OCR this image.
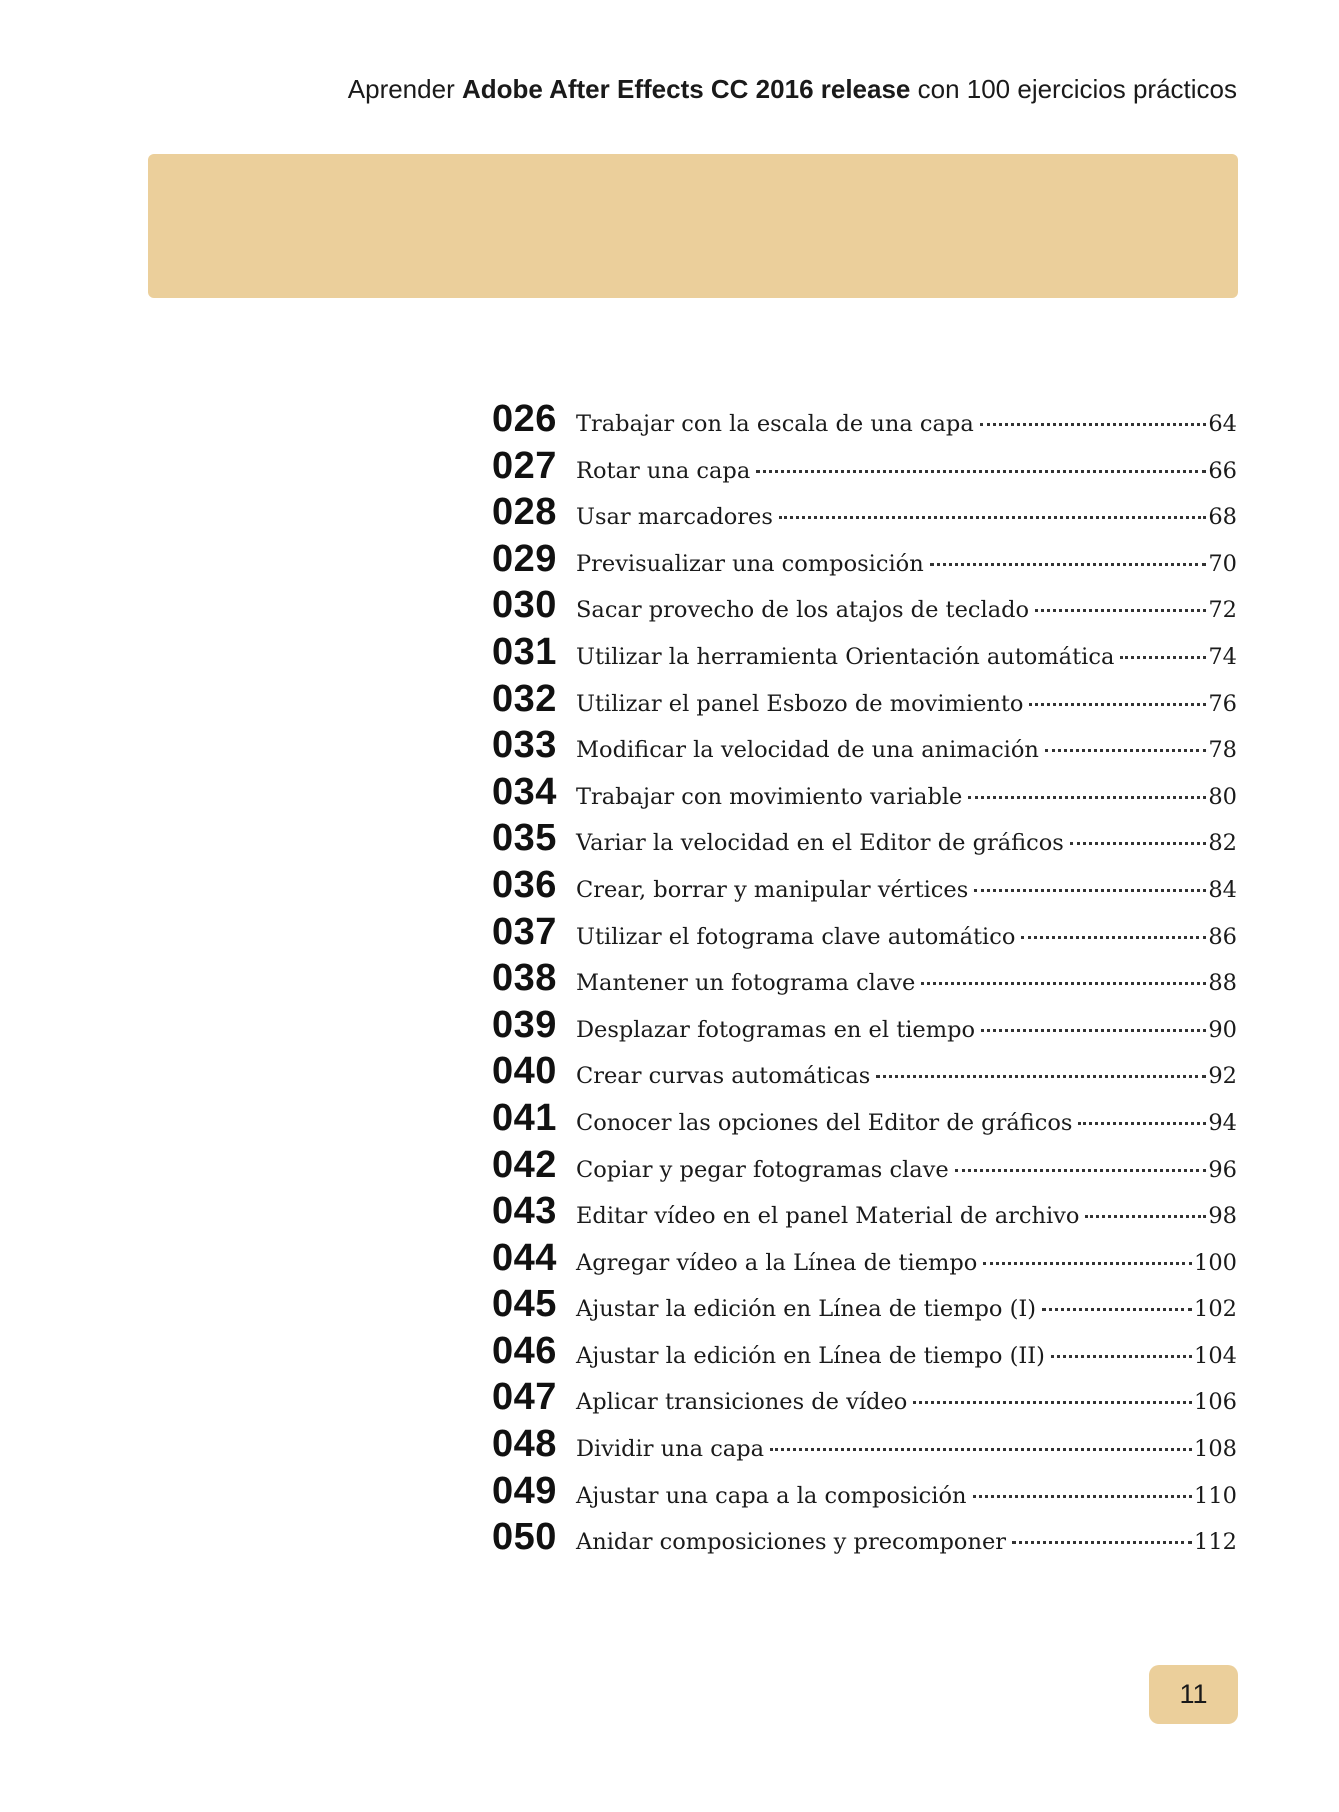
Aprender Adobe After Effects CC 2016 release con 100 ejercicios prácticos
026 Trabajar con la escala de una capa	64
027 Rotar una capa	66
028 Usar marcadores	68
029 Previsualizar una composición	70
030 Sacar provecho de los atajos de teclado	72
031 Utilizar la herramienta Orientación automática	74
032 Utilizar el panel Esbozo de movimiento	76
033 Modificar la velocidad de una animación	78
034 Trabajar con movimiento variable	80
035 Variar la velocidad en el Editor de gráficos	82
036 Crear, borrar y manipular vértices	84
037 Utilizar el fotograma clave automático	86
038 Mantener un fotograma clave	88
039 Desplazar fotogramas en el tiempo	90
040 Crear curvas automáticas	92
041 Conocer las opciones del Editor de gráficos	94
042 Copiar y pegar fotogramas clave	96
043 Editar vídeo en el panel Material de archivo	98
044 Agregar vídeo a la Línea de tiempo	100
045 Ajustar la edición en Línea de tiempo (I)	102
046 Ajustar la edición en Línea de tiempo (II)	104
047 Aplicar transiciones de vídeo	106
048 Dividir una capa	108
049 Ajustar una capa a la composición	110
050 Anidar composiciones y precomponer	112
11
